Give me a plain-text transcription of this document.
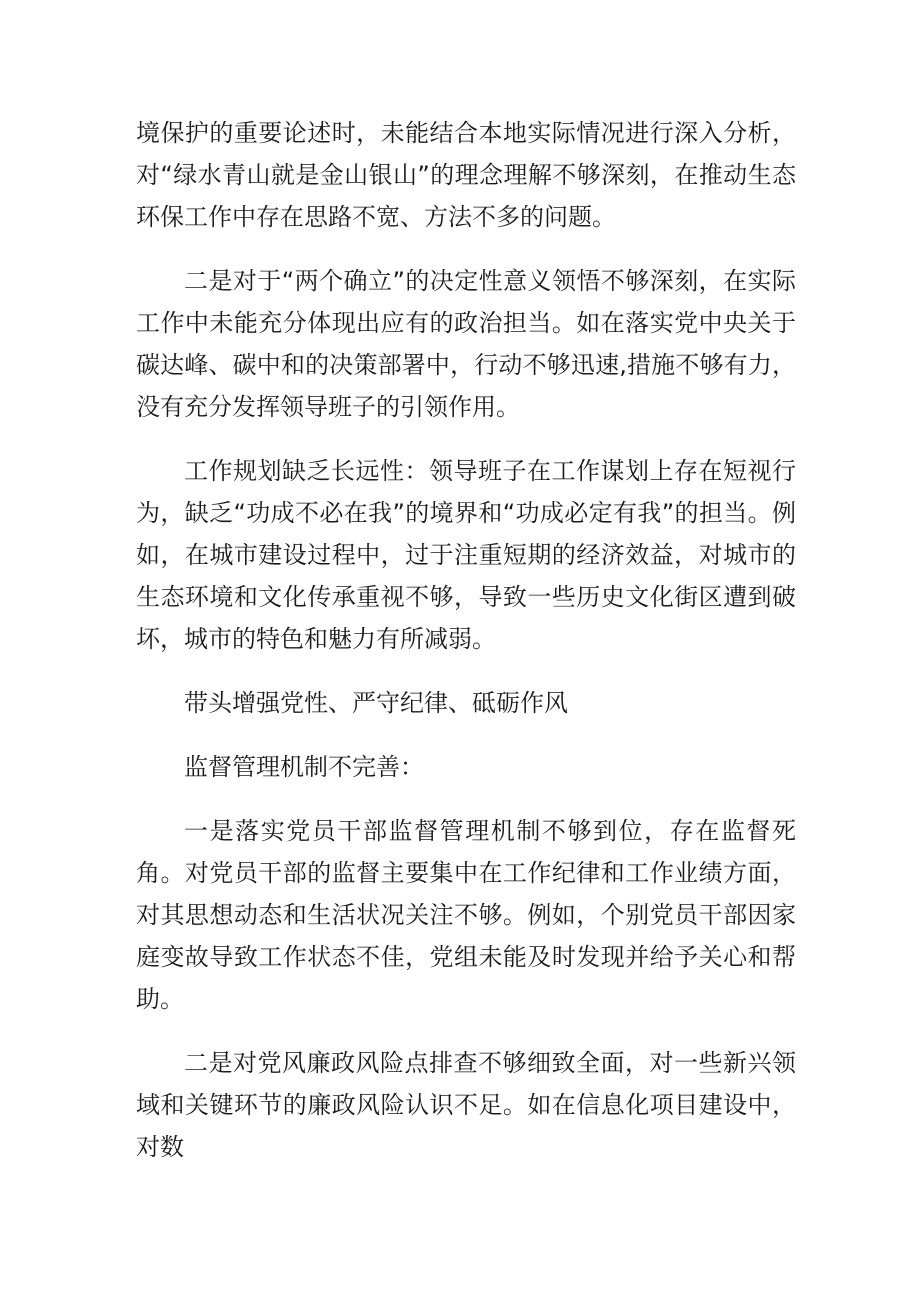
境保护的重要论述时，未能结合本地实际情况进行深入分析，对“绿水青山就是金山银山”的理念理解不够深刻，在推动生态环保工作中存在思路不宽、方法不多的问题。

二是对于“两个确立”的决定性意义领悟不够深刻，在实际工作中未能充分体现出应有的政治担当。如在落实党中央关于碳达峰、碳中和的决策部署中，行动不够迅速,措施不够有力，没有充分发挥领导班子的引领作用。

工作规划缺乏长远性：领导班子在工作谋划上存在短视行为，缺乏“功成不必在我”的境界和“功成必定有我”的担当。例如，在城市建设过程中，过于注重短期的经济效益，对城市的生态环境和文化传承重视不够，导致一些历史文化街区遭到破坏，城市的特色和魅力有所减弱。

带头增强党性、严守纪律、砥砺作风

监督管理机制不完善：

一是落实党员干部监督管理机制不够到位，存在监督死角。对党员干部的监督主要集中在工作纪律和工作业绩方面，对其思想动态和生活状况关注不够。例如，个别党员干部因家庭变故导致工作状态不佳，党组未能及时发现并给予关心和帮助。

二是对党风廉政风险点排查不够细致全面，对一些新兴领域和关键环节的廉政风险认识不足。如在信息化项目建设中，对数
